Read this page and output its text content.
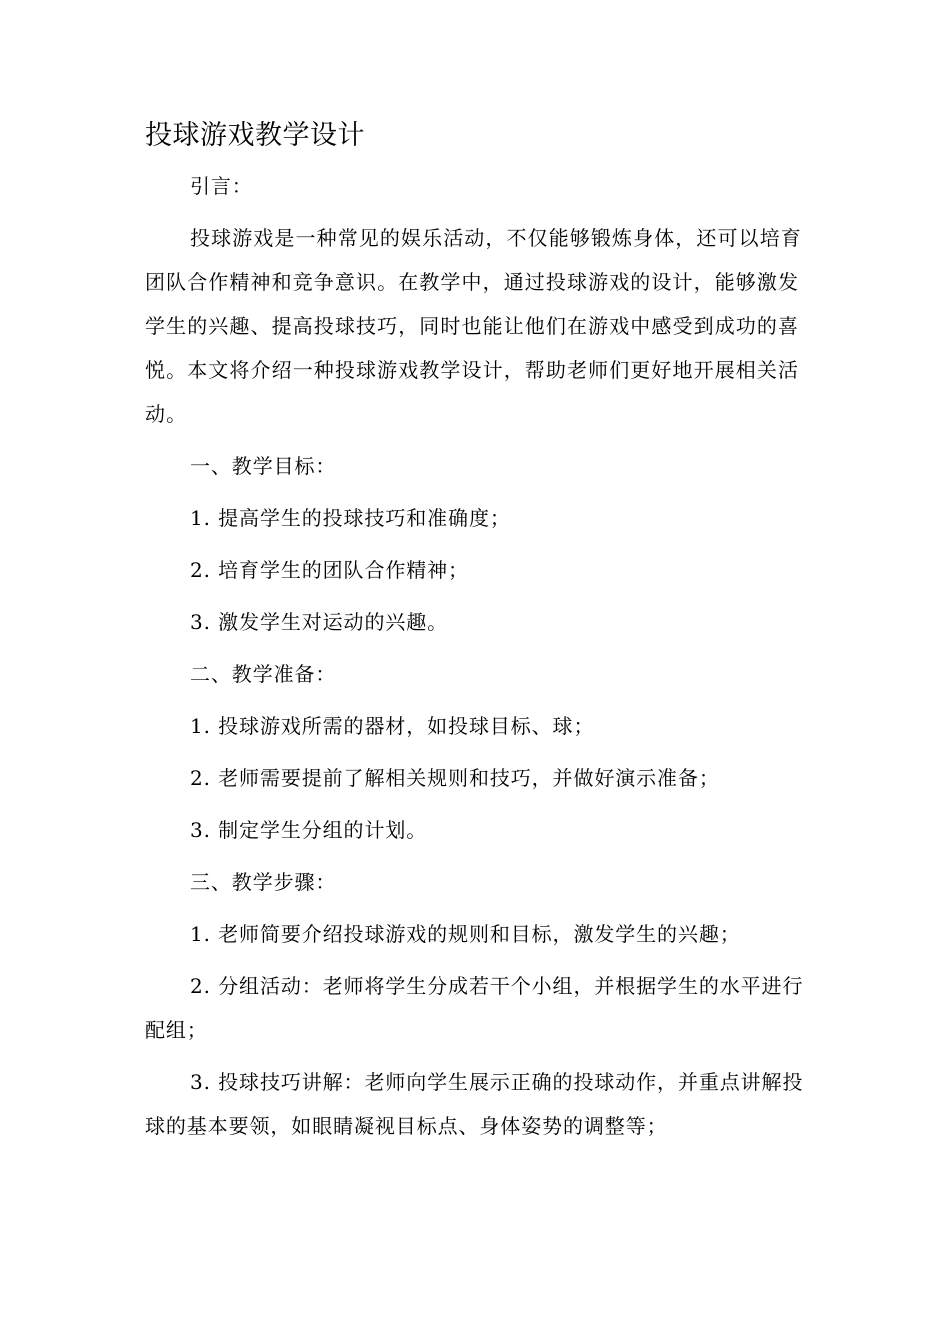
投球游戏教学设计

引言：

投球游戏是一种常见的娱乐活动，不仅能够锻炼身体，还可以培育团队合作精神和竞争意识。在教学中，通过投球游戏的设计，能够激发学生的兴趣、提高投球技巧，同时也能让他们在游戏中感受到成功的喜悦。本文将介绍一种投球游戏教学设计，帮助老师们更好地开展相关活动。

一、教学目标：

1. 提高学生的投球技巧和准确度；

2. 培育学生的团队合作精神；

3. 激发学生对运动的兴趣。

二、教学准备：

1. 投球游戏所需的器材，如投球目标、球；

2. 老师需要提前了解相关规则和技巧，并做好演示准备；

3. 制定学生分组的计划。

三、教学步骤：

1. 老师简要介绍投球游戏的规则和目标，激发学生的兴趣；

2. 分组活动：老师将学生分成若干个小组，并根据学生的水平进行配组；

3. 投球技巧讲解：老师向学生展示正确的投球动作，并重点讲解投球的基本要领，如眼睛凝视目标点、身体姿势的调整等；
